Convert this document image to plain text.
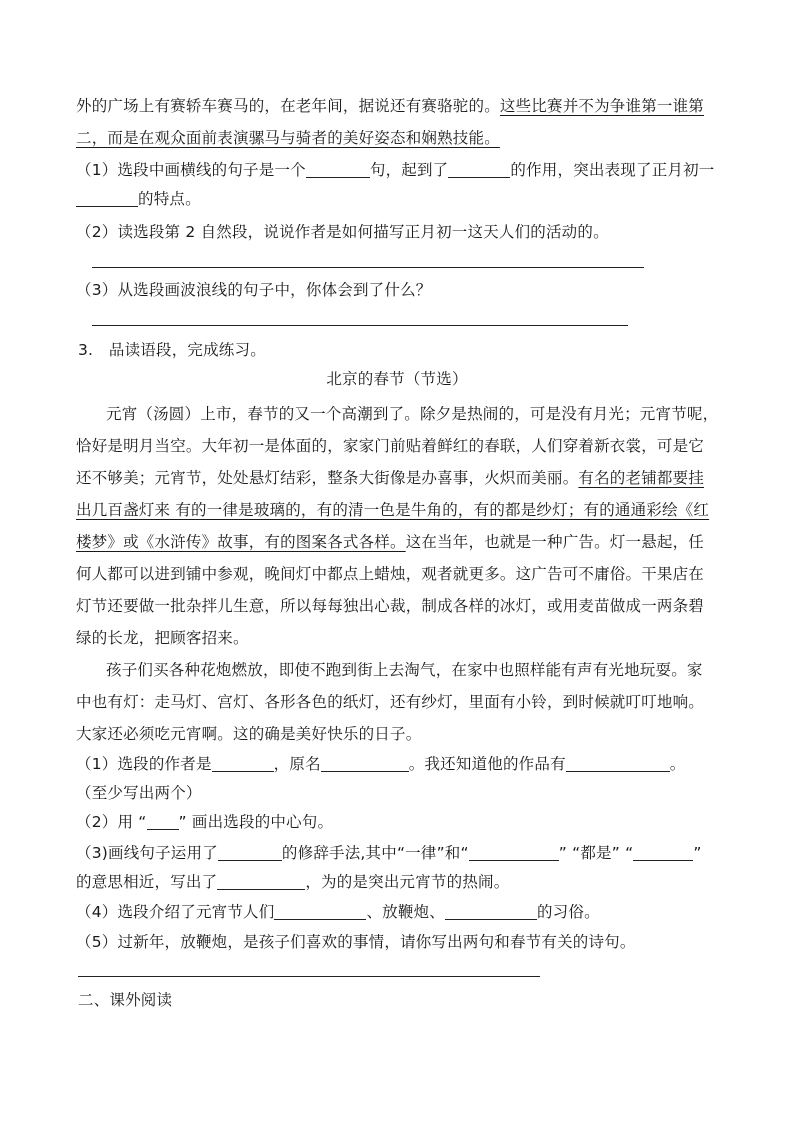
外的广场上有赛轿车赛马的，在老年间，据说还有赛骆驼的。这些比赛并不为争谁第一谁第
二，而是在观众面前表演骡马与骑者的美好姿态和娴熟技能。
（1）选段中画横线的句子是一个	句，起到了	的作用，突出表现了正月初一
的特点。
（2）读选段第 2 自然段，说说作者是如何描写正月初一这天人们的活动的。
（3）从选段画波浪线的句子中，你体会到了什么？
3.　品读语段，完成练习。
北京的春节（节选）
元宵（汤圆）上市，春节的又一个高潮到了。除夕是热闹的，可是没有月光；元宵节呢，
恰好是明月当空。大年初一是体面的，家家门前贴着鲜红的春联，人们穿着新衣裳，可是它
还不够美；元宵节，处处悬灯结彩，整条大街像是办喜事，火炽而美丽。有名的老铺都要挂
出几百盏灯来 有的一律是玻璃的，有的清一色是牛角的，有的都是纱灯；有的通通彩绘《红
楼梦》或《水浒传》故事，有的图案各式各样。这在当年，也就是一种广告。灯一悬起，任
何人都可以进到铺中参观，晚间灯中都点上蜡烛，观者就更多。这广告可不庸俗。干果店在
灯节还要做一批杂拌儿生意，所以每每独出心裁，制成各样的冰灯，或用麦苗做成一两条碧
绿的长龙，把顾客招来。
孩子们买各种花炮燃放，即使不跑到街上去淘气，在家中也照样能有声有光地玩耍。家
中也有灯：走马灯、宫灯、各形各色的纸灯，还有纱灯，里面有小铃，到时候就叮叮地响。
大家还必须吃元宵啊。这的确是美好快乐的日子。
（1）选段的作者是	，原名	。我还知道他的作品有	。
（至少写出两个）
（2）用 “ ” 画出选段的中心句。
（3)画线句子运用了	的修辞手法,其中“一律”和“	” “都是” “	”
的意思相近，写出了	，为的是突出元宵节的热闹。
（4）选段介绍了元宵节人们	、放鞭炮、	的习俗。
（5）过新年，放鞭炮，是孩子们喜欢的事情，请你写出两句和春节有关的诗句。
二、课外阅读
